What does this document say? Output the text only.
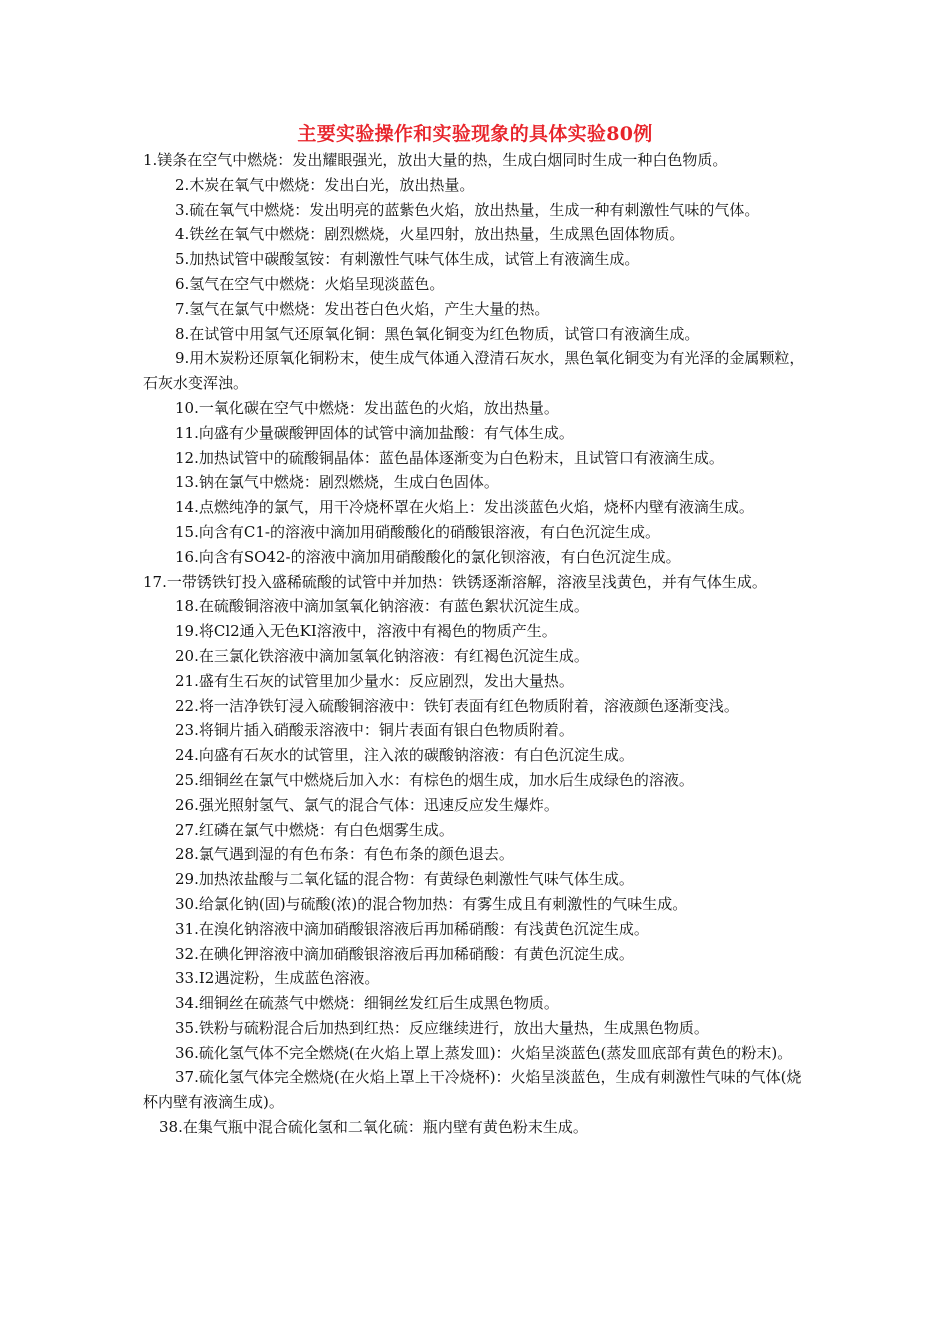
主要实验操作和实验现象的具体实验80例

1.镁条在空气中燃烧：发出耀眼强光，放出大量的热，生成白烟同时生成一种白色物质。

2.木炭在氧气中燃烧：发出白光，放出热量。

3.硫在氧气中燃烧：发出明亮的蓝紫色火焰，放出热量，生成一种有刺激性气味的气体。

4.铁丝在氧气中燃烧：剧烈燃烧，火星四射，放出热量，生成黑色固体物质。

5.加热试管中碳酸氢铵：有刺激性气味气体生成，试管上有液滴生成。

6.氢气在空气中燃烧：火焰呈现淡蓝色。

7.氢气在氯气中燃烧：发出苍白色火焰，产生大量的热。

8.在试管中用氢气还原氧化铜：黑色氧化铜变为红色物质，试管口有液滴生成。

9.用木炭粉还原氧化铜粉末，使生成气体通入澄清石灰水，黑色氧化铜变为有光泽的金属颗粒，石灰水变浑浊。

10.一氧化碳在空气中燃烧：发出蓝色的火焰，放出热量。

11.向盛有少量碳酸钾固体的试管中滴加盐酸：有气体生成。

12.加热试管中的硫酸铜晶体：蓝色晶体逐渐变为白色粉末，且试管口有液滴生成。

13.钠在氯气中燃烧：剧烈燃烧，生成白色固体。

14.点燃纯净的氯气，用干冷烧杯罩在火焰上：发出淡蓝色火焰，烧杯内壁有液滴生成。

15.向含有C1-的溶液中滴加用硝酸酸化的硝酸银溶液，有白色沉淀生成。

16.向含有SO42-的溶液中滴加用硝酸酸化的氯化钡溶液，有白色沉淀生成。

17.一带锈铁钉投入盛稀硫酸的试管中并加热：铁锈逐渐溶解，溶液呈浅黄色，并有气体生成。

18.在硫酸铜溶液中滴加氢氧化钠溶液：有蓝色絮状沉淀生成。

19.将Cl2通入无色KI溶液中，溶液中有褐色的物质产生。

20.在三氯化铁溶液中滴加氢氧化钠溶液：有红褐色沉淀生成。

21.盛有生石灰的试管里加少量水：反应剧烈，发出大量热。

22.将一洁净铁钉浸入硫酸铜溶液中：铁钉表面有红色物质附着，溶液颜色逐渐变浅。

23.将铜片插入硝酸汞溶液中：铜片表面有银白色物质附着。

24.向盛有石灰水的试管里，注入浓的碳酸钠溶液：有白色沉淀生成。

25.细铜丝在氯气中燃烧后加入水：有棕色的烟生成，加水后生成绿色的溶液。

26.强光照射氢气、氯气的混合气体：迅速反应发生爆炸。

27.红磷在氯气中燃烧：有白色烟雾生成。

28.氯气遇到湿的有色布条：有色布条的颜色退去。

29.加热浓盐酸与二氧化锰的混合物：有黄绿色刺激性气味气体生成。

30.给氯化钠(固)与硫酸(浓)的混合物加热：有雾生成且有刺激性的气味生成。

31.在溴化钠溶液中滴加硝酸银溶液后再加稀硝酸：有浅黄色沉淀生成。

32.在碘化钾溶液中滴加硝酸银溶液后再加稀硝酸：有黄色沉淀生成。

33.I2遇淀粉，生成蓝色溶液。

34.细铜丝在硫蒸气中燃烧：细铜丝发红后生成黑色物质。

35.铁粉与硫粉混合后加热到红热：反应继续进行，放出大量热，生成黑色物质。

36.硫化氢气体不完全燃烧(在火焰上罩上蒸发皿)：火焰呈淡蓝色(蒸发皿底部有黄色的粉末)。

37.硫化氢气体完全燃烧(在火焰上罩上干冷烧杯)：火焰呈淡蓝色，生成有刺激性气味的气体(烧杯内壁有液滴生成)。

38.在集气瓶中混合硫化氢和二氧化硫：瓶内壁有黄色粉末生成。
